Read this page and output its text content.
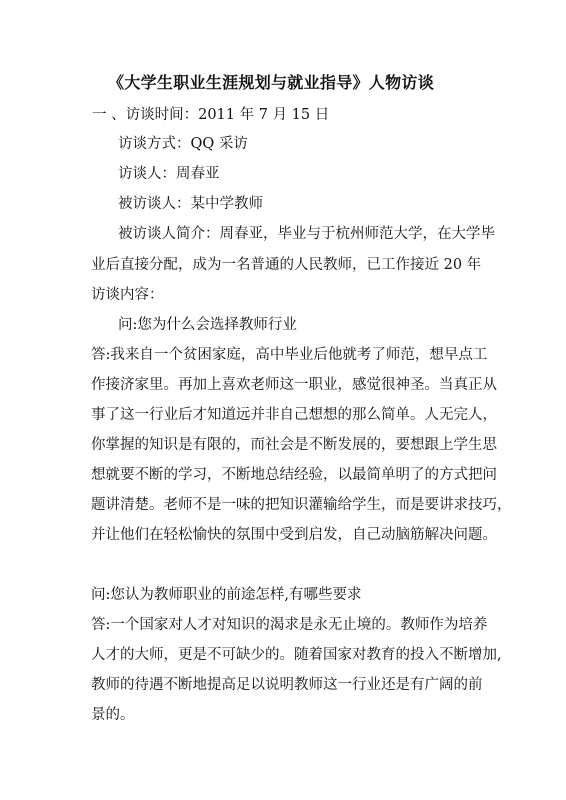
《大学生职业生涯规划与就业指导》人物访谈
一 、访谈时间：2011 年 7 月 15 日
访谈方式：QQ 采访
访谈人：周春亚
被访谈人：某中学教师
被访谈人简介：周春亚，毕业与于杭州师范大学，在大学毕
业后直接分配，成为一名普通的人民教师，已工作接近 20 年
访谈内容：
问:您为什么会选择教师行业
答:我来自一个贫困家庭，高中毕业后他就考了师范，想早点工
作接济家里。再加上喜欢老师这一职业，感觉很神圣。当真正从
事了这一行业后才知道远并非自己想想的那么简单。人无完人，
你掌握的知识是有限的，而社会是不断发展的，要想跟上学生思
想就要不断的学习，不断地总结经验，以最简单明了的方式把问
题讲清楚。老师不是一味的把知识灌输给学生，而是要讲求技巧，
并让他们在轻松愉快的氛围中受到启发，自己动脑筋解决问题。
问:您认为教师职业的前途怎样,有哪些要求
答:一个国家对人才对知识的渴求是永无止境的。教师作为培养
人才的大师，更是不可缺少的。随着国家对教育的投入不断增加,
教师的待遇不断地提高足以说明教师这一行业还是有广阔的前
景的。
